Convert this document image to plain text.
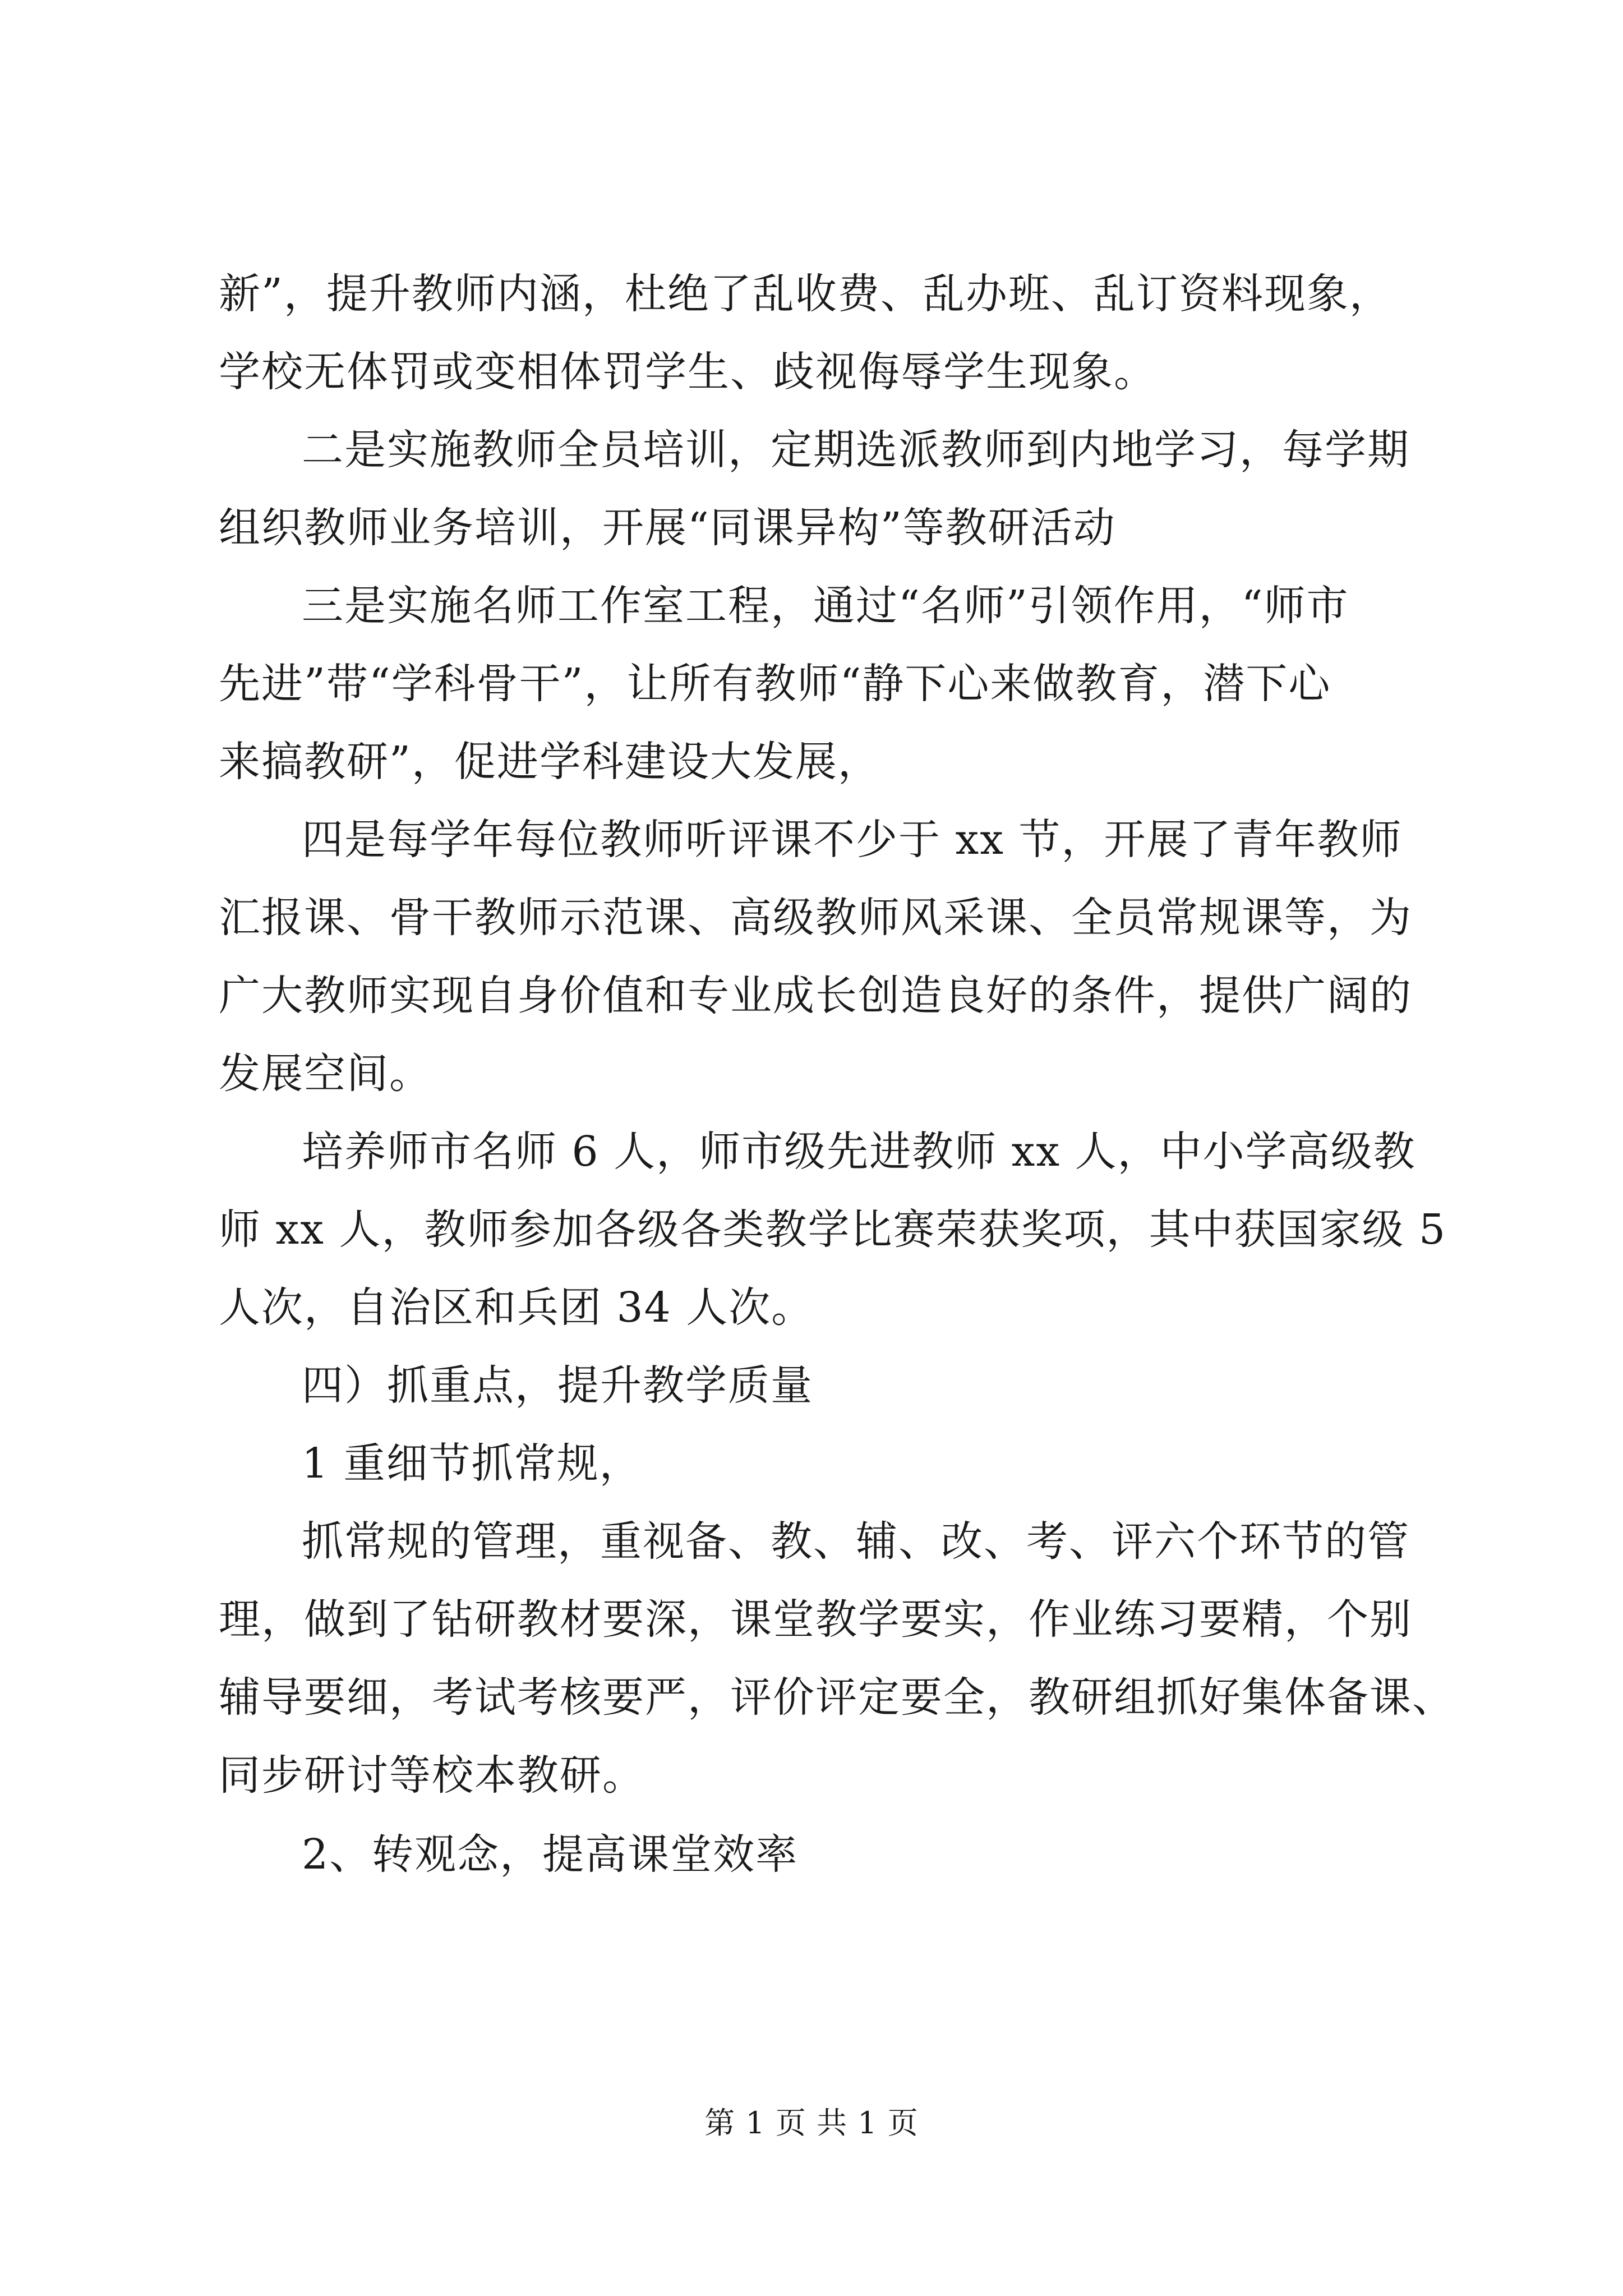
新”，提升教师内涵，杜绝了乱收费、乱办班、乱订资料现象，
学校无体罚或变相体罚学生、歧视侮辱学生现象。
二是实施教师全员培训，定期选派教师到内地学习，每学期
组织教师业务培训，开展“同课异构”等教研活动
三是实施名师工作室工程，通过“名师”引领作用，“师市
先进”带“学科骨干”，让所有教师“静下心来做教育，潜下心
来搞教研”，促进学科建设大发展，
四是每学年每位教师听评课不少于 xx 节，开展了青年教师
汇报课、骨干教师示范课、高级教师风采课、全员常规课等，为
广大教师实现自身价值和专业成长创造良好的条件，提供广阔的
发展空间。
培养师市名师 6 人，师市级先进教师 xx 人，中小学高级教
师 xx 人，教师参加各级各类教学比赛荣获奖项，其中获国家级 5
人次，自治区和兵团 34 人次。
四）抓重点，提升教学质量
1 重细节抓常规，
抓常规的管理，重视备、教、辅、改、考、评六个环节的管
理，做到了钻研教材要深，课堂教学要实，作业练习要精，个别
辅导要细，考试考核要严，评价评定要全，教研组抓好集体备课、
同步研讨等校本教研。
2、转观念，提高课堂效率
第 1 页 共 1 页
